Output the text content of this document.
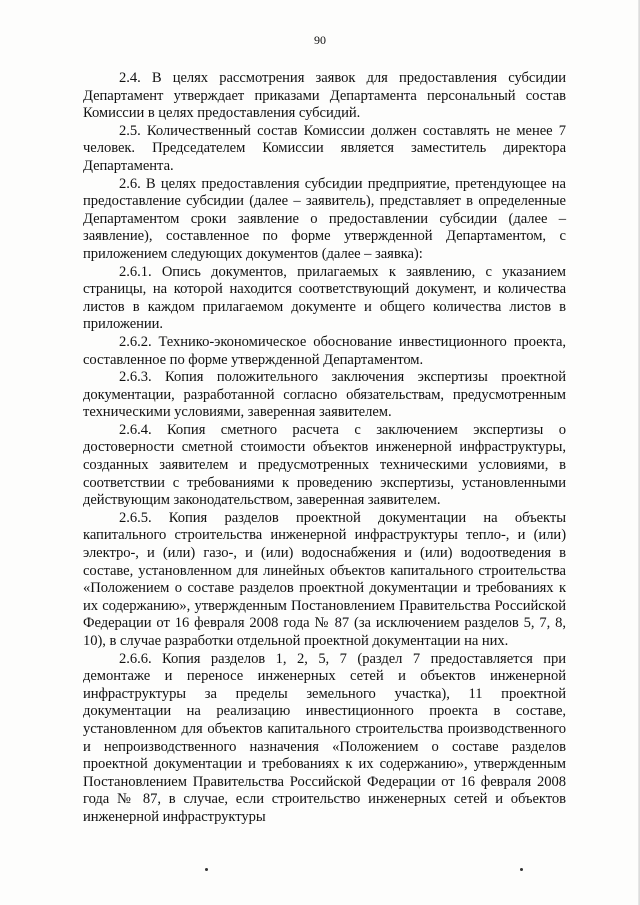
90

2.4. В целях рассмотрения заявок для предоставления субсидии Департамент утверждает приказами Департамента персональный состав Комиссии в целях предоставления субсидий.

2.5. Количественный состав Комиссии должен составлять не менее 7 человек. Председателем Комиссии является заместитель директора Департамента.

2.6. В целях предоставления субсидии предприятие, претендующее на предоставление субсидии (далее – заявитель), представляет в определенные Департаментом сроки заявление о предоставлении субсидии (далее – заявление), составленное по форме утвержденной Департаментом, с приложением следующих документов (далее – заявка):

2.6.1. Опись документов, прилагаемых к заявлению, с указанием страницы, на которой находится соответствующий документ, и количества листов в каждом прилагаемом документе и общего количества листов в приложении.

2.6.2. Технико-экономическое обоснование инвестиционного проекта, составленное по форме утвержденной Департаментом.

2.6.3. Копия положительного заключения экспертизы проектной документации, разработанной согласно обязательствам, предусмотренным техническими условиями, заверенная заявителем.

2.6.4. Копия сметного расчета с заключением экспертизы о достоверности сметной стоимости объектов инженерной инфраструктуры, созданных заявителем и предусмотренных техническими условиями, в соответствии с требованиями к проведению экспертизы, установленными действующим законодательством, заверенная заявителем.

2.6.5. Копия разделов проектной документации на объекты капитального строительства инженерной инфраструктуры тепло-, и (или) электро-, и (или) газо-, и (или) водоснабжения и (или) водоотведения в составе, установленном для линейных объектов капитального строительства «Положением о составе разделов проектной документации и требованиях к их содержанию», утвержденным Постановлением Правительства Российской Федерации от 16 февраля 2008 года № 87 (за исключением разделов 5, 7, 8, 10), в случае разработки отдельной проектной документации на них.

2.6.6. Копия разделов 1, 2, 5, 7 (раздел 7 предоставляется при демонтаже и переносе инженерных сетей и объектов инженерной инфраструктуры за пределы земельного участка), 11 проектной документации на реализацию инвестиционного проекта в составе, установленном для объектов капитального строительства производственного и непроизводственного назначения «Положением о составе разделов проектной документации и требованиях к их содержанию», утвержденным Постановлением Правительства Российской Федерации от 16 февраля 2008 года № 87, в случае, если строительство инженерных сетей и объектов инженерной инфраструктуры
